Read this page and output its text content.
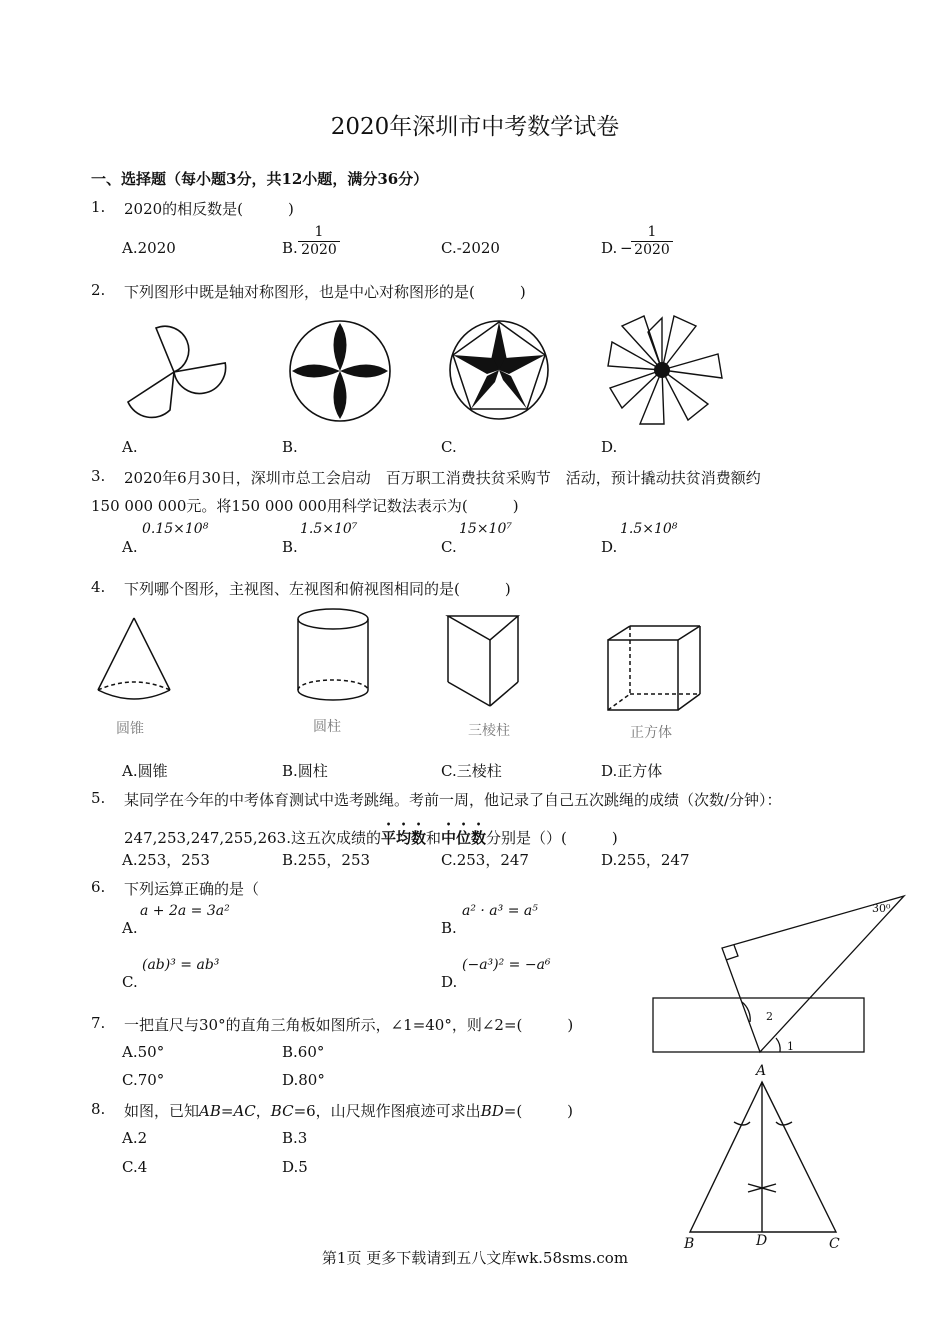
2020年深圳市中考数学试卷
一、选择题（每小题3分，共12小题，满分36分）
1. 2020的相反数是(　　　)
A.2020	B. $\frac{1}{2020}$	C.-2020	D. −
$\frac{1}{2020}$
2. 下列图形中既是轴对称图形，也是中心对称图形的是(　　　)
A.	B.	C.	D.
3. 2020年6月30日，深圳市总工会启动　百万职工消费扶贫采购节　活动，预计撬动扶贫消费额约
150 000 000元。将150 000 000用科学记数法表示为(　　　)
A.
0.15×10⁸
B.
1.5×10⁷
C.
15×10⁷
D.
1.5×10⁸
4. 下列哪个图形，主视图、左视图和俯视图相同的是(　　　)
圆锥	圆柱	三棱柱	正方体
A.圆锥	B.圆柱	C.三棱柱	D.正方体
5. 某同学在今年的中考体育测试中选考跳绳。考前一周，他记录了自己五次跳绳的成绩（次数/分钟）：
247,253,247,255,263.这五次成绩的平均数和中位数分别是（）(　　　)
A.253，253	B.255，253	C.253，247	D.255，247
6. 下列运算正确的是（
A.
a + 2a = 3a²
B.
a² · a³ = a⁵
C.
(ab)³ = ab³
D.
(−a³)² = −a⁶
30⁰
2
1
7. 一把直尺与30°的直角三角板如图所示，∠1=40°，则∠2=(　　　)
A.50°	B.60°
C.70°	D.80°
8. 如图，已知AB=AC，BC=6，山尺规作图痕迹可求出BD=(　　　)
A.2	B.3
C.4	D.5
A
B	D	C
第1页 更多下载请到五八文库wk.58sms.com
